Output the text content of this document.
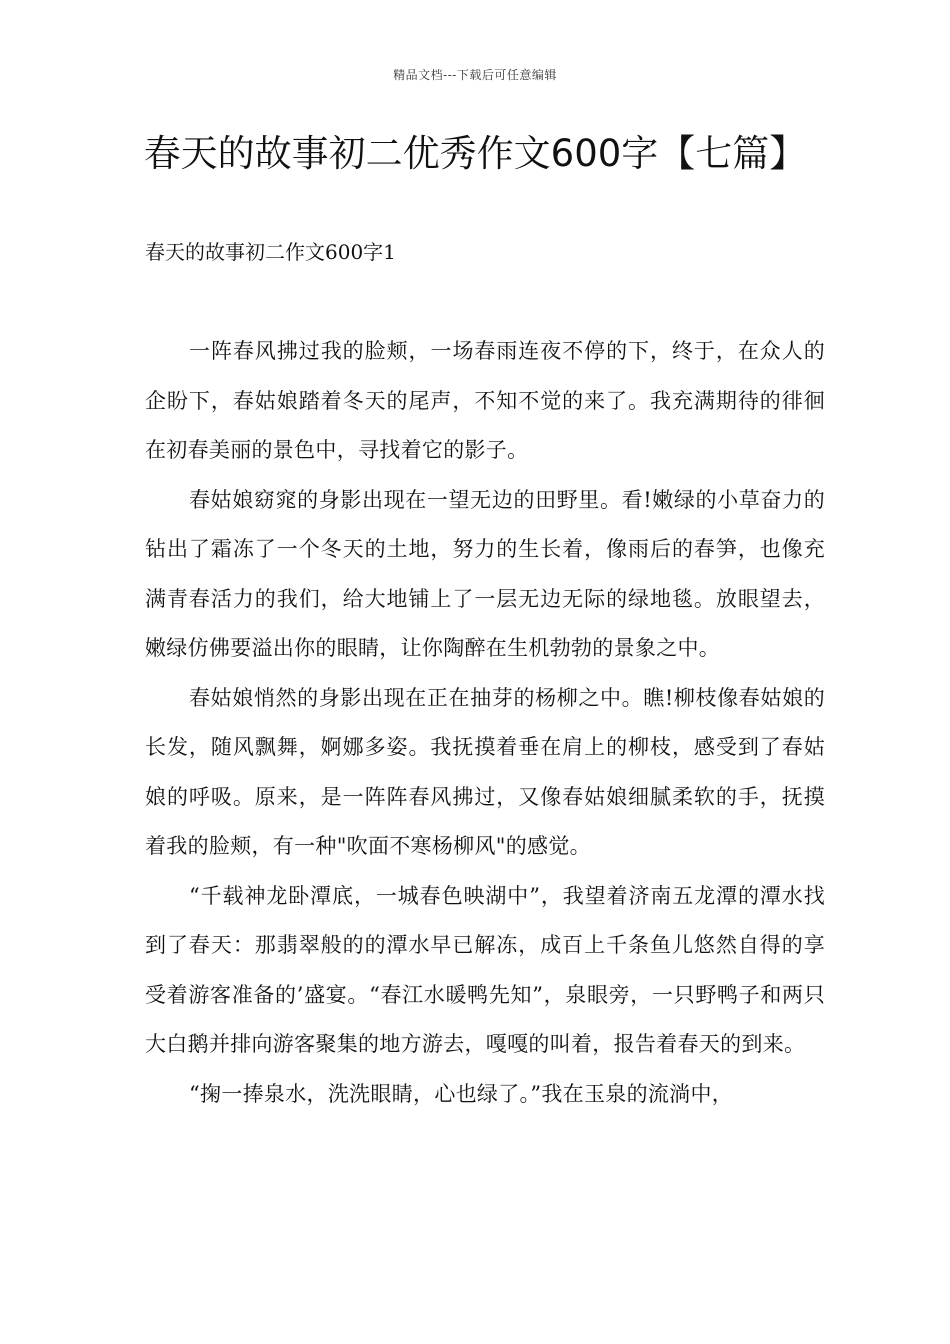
精品文档---下载后可任意编辑
春天的故事初二优秀作文600字【七篇】
春天的故事初二作文600字1

一阵春风拂过我的脸颊，一场春雨连夜不停的下，终于，在众人的企盼下，春姑娘踏着冬天的尾声，不知不觉的来了。我充满期待的徘徊在初春美丽的景色中，寻找着它的影子。

春姑娘窈窕的身影出现在一望无边的田野里。看!嫩绿的小草奋力的钻出了霜冻了一个冬天的土地，努力的生长着，像雨后的春笋，也像充满青春活力的我们，给大地铺上了一层无边无际的绿地毯。放眼望去，嫩绿仿佛要溢出你的眼睛，让你陶醉在生机勃勃的景象之中。

春姑娘悄然的身影出现在正在抽芽的杨柳之中。瞧!柳枝像春姑娘的长发，随风飘舞，婀娜多姿。我抚摸着垂在肩上的柳枝，感受到了春姑娘的呼吸。原来，是一阵阵春风拂过，又像春姑娘细腻柔软的手，抚摸着我的脸颊，有一种"吹面不寒杨柳风"的感觉。

“千载神龙卧潭底，一城春色映湖中”，我望着济南五龙潭的潭水找到了春天：那翡翠般的的潭水早已解冻，成百上千条鱼儿悠然自得的享受着游客准备的’盛宴。“春江水暖鸭先知”，泉眼旁，一只野鸭子和两只大白鹅并排向游客聚集的地方游去，嘎嘎的叫着，报告着春天的到来。

“掬一捧泉水，洗洗眼睛，心也绿了。”我在玉泉的流淌中，
